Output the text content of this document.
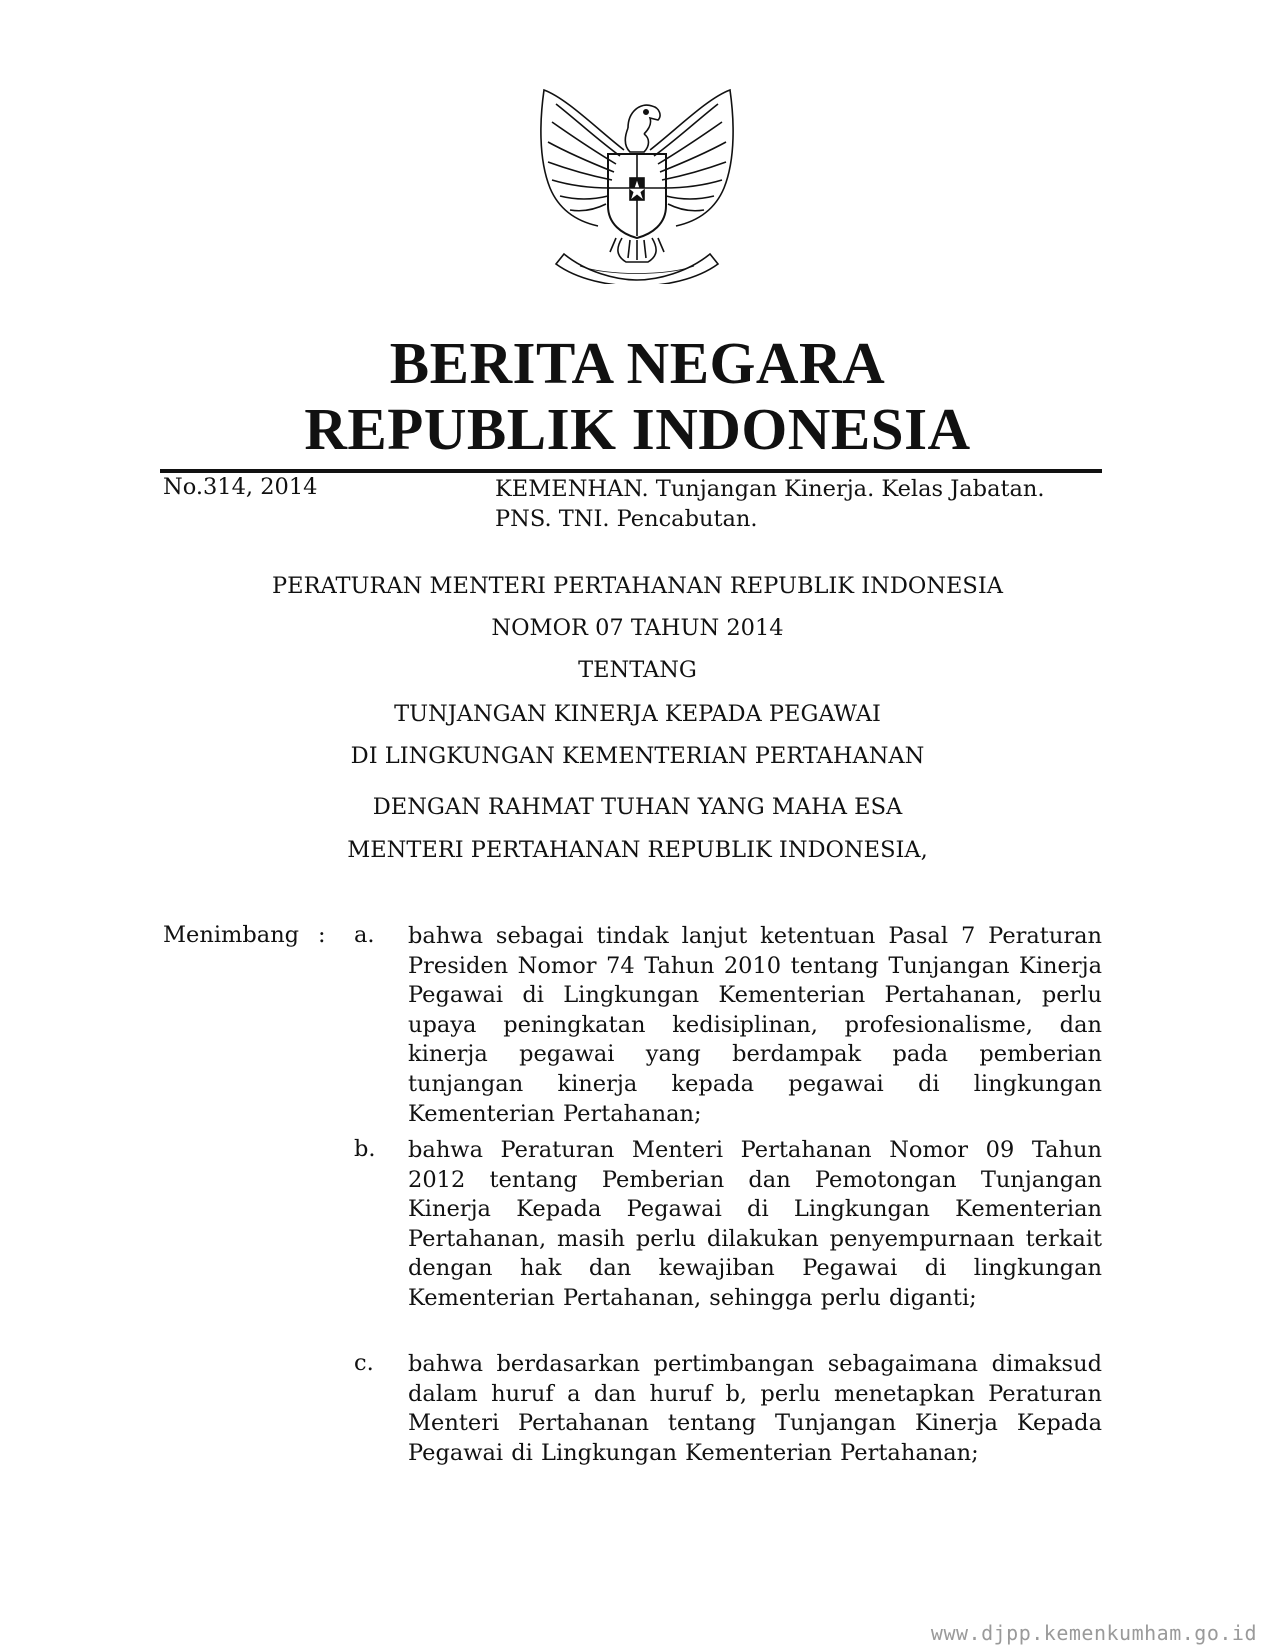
BERITA NEGARA
REPUBLIK INDONESIA
No.314, 2014	KEMENHAN. Tunjangan Kinerja. Kelas Jabatan.
PNS. TNI. Pencabutan.
PERATURAN MENTERI PERTAHANAN REPUBLIK INDONESIA
NOMOR 07 TAHUN 2014
TENTANG
TUNJANGAN KINERJA KEPADA PEGAWAI
DI LINGKUNGAN KEMENTERIAN PERTAHANAN
DENGAN RAHMAT TUHAN YANG MAHA ESA
MENTERI PERTAHANAN REPUBLIK INDONESIA,
Menimbang : a. bahwa sebagai tindak lanjut ketentuan Pasal 7 Peraturan Presiden Nomor 74 Tahun 2010 tentang Tunjangan Kinerja Pegawai di Lingkungan Kementerian Pertahanan, perlu upaya peningkatan kedisiplinan, profesionalisme, dan kinerja pegawai yang berdampak pada pemberian tunjangan kinerja kepada pegawai di lingkungan Kementerian Pertahanan;
b. bahwa Peraturan Menteri Pertahanan Nomor 09 Tahun 2012 tentang Pemberian dan Pemotongan Tunjangan Kinerja Kepada Pegawai di Lingkungan Kementerian Pertahanan, masih perlu dilakukan penyempurnaan terkait dengan hak dan kewajiban Pegawai di lingkungan Kementerian Pertahanan, sehingga perlu diganti;
c. bahwa berdasarkan pertimbangan sebagaimana dimaksud dalam huruf a dan huruf b, perlu menetapkan Peraturan Menteri Pertahanan tentang Tunjangan Kinerja Kepada Pegawai di Lingkungan Kementerian Pertahanan;
www.djpp.kemenkumham.go.id
